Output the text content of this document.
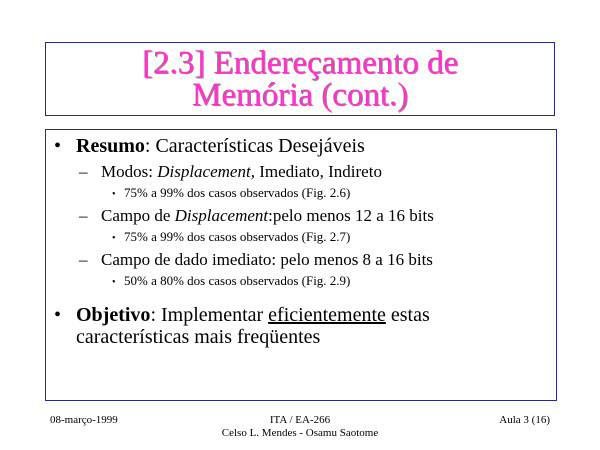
[2.3] Endereçamento de
Memória (cont.)
• Resumo: Características Desejáveis
– Modos: Displacement, Imediato, Indireto
• 75% a 99% dos casos observados (Fig. 2.6)
– Campo de Displacement:pelo menos 12 a 16 bits
• 75% a 99% dos casos observados (Fig. 2.7)
– Campo de dado imediato: pelo menos 8 a 16 bits
• 50% a 80% dos casos observados (Fig. 2.9)
• Objetivo: Implementar eficientemente estas
características mais freqüentes
08-março-1999	ITA / EA-266
Celso L. Mendes - Osamu Saotome
Aula 3 (16)
